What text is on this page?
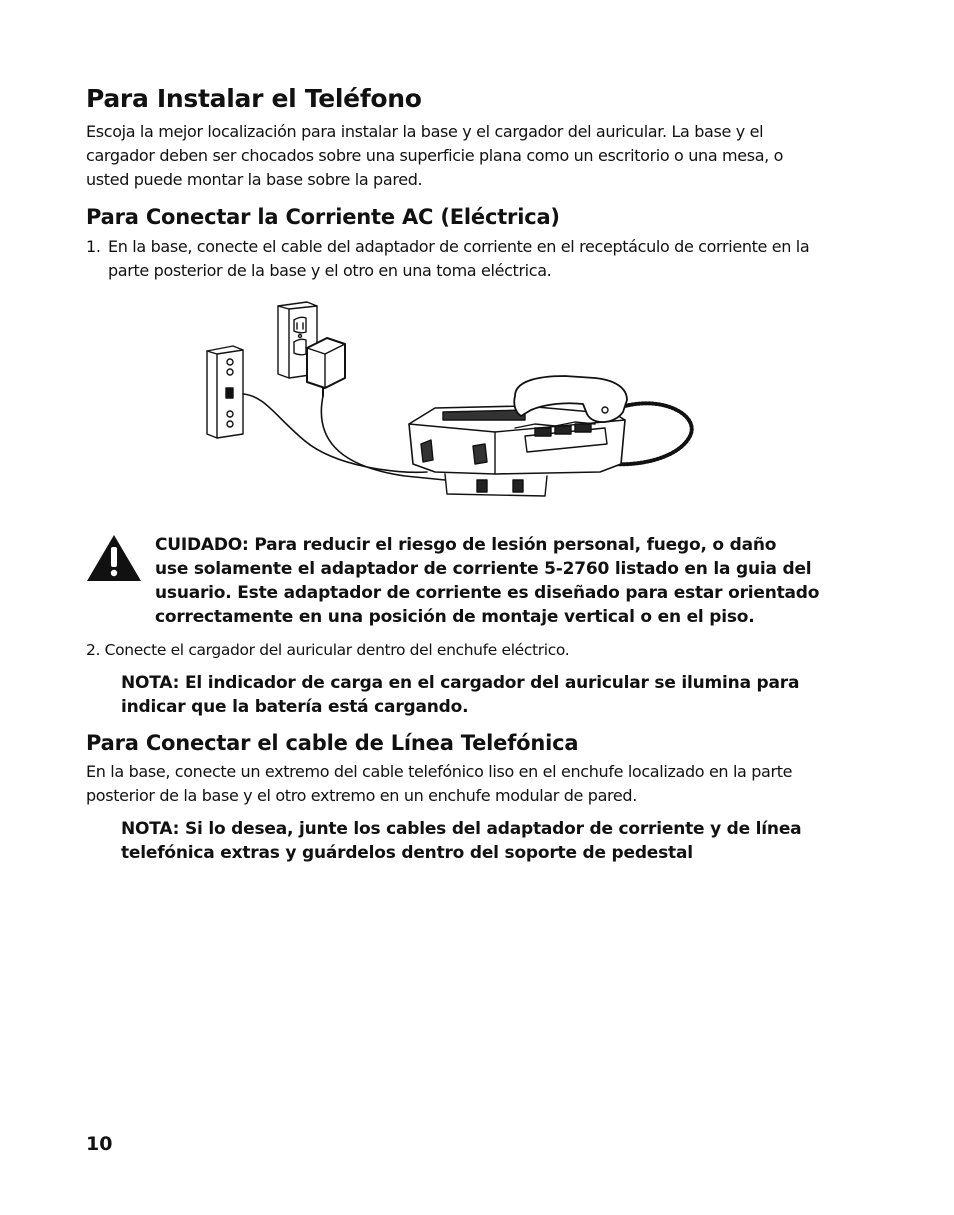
Para Instalar el Teléfono

Escoja la mejor localización para instalar la base y el cargador del auricular. La base y el
cargador deben ser chocados sobre una superficie plana como un escritorio o una mesa, o
usted puede montar la base sobre la pared.

Para Conectar la Corriente AC (Eléctrica)
1. En la base, conecte el cable del adaptador de corriente en el receptáculo de corriente en la
parte posterior de la base y el otro en una toma eléctrica.

CUIDADO: Para reducir el riesgo de lesión personal, fuego, o daño
use solamente el adaptador de corriente 5-2760 listado en la guia del
usuario. Este adaptador de corriente es diseñado para estar orientado
correctamente en una posición de montaje vertical o en el piso.

2. Conecte el cargador del auricular dentro del enchufe eléctrico.

NOTA: El indicador de carga en el cargador del auricular se ilumina para
indicar que la batería está cargando.

Para Conectar el cable de Línea Telefónica

En la base, conecte un extremo del cable telefónico liso en el enchufe localizado en la parte
posterior de la base y el otro extremo en un enchufe modular de pared.

NOTA: Si lo desea, junte los cables del adaptador de corriente y de línea
telefónica extras y guárdelos dentro del soporte de pedestal

10
